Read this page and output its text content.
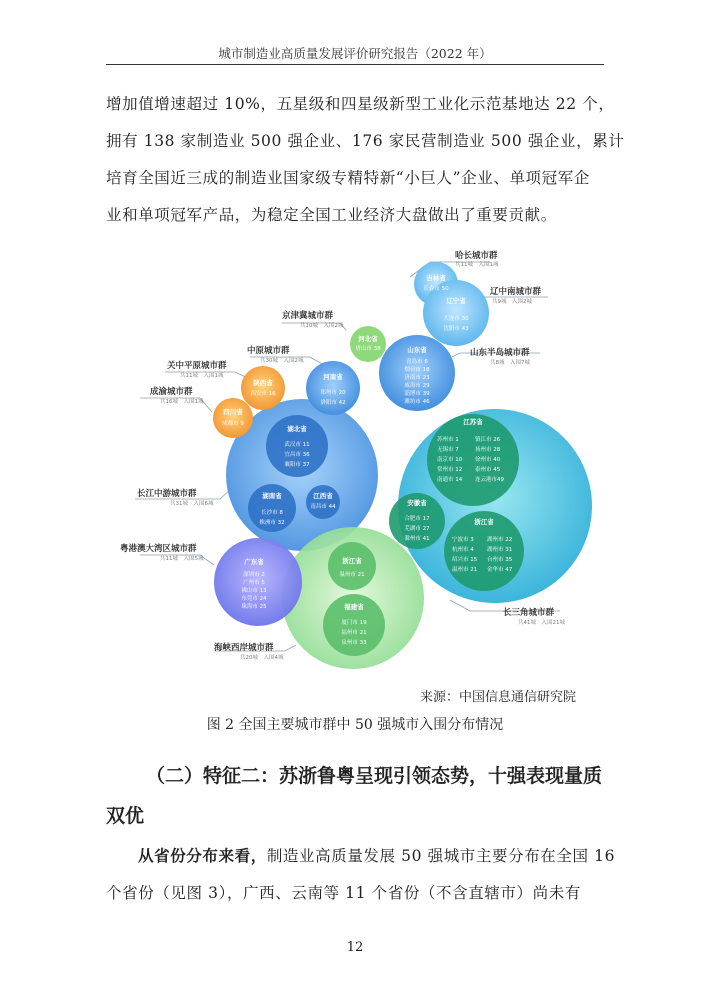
城市制造业高质量发展评价研究报告（2022 年）
增加值增速超过 10%，五星级和四星级新型工业化示范基地达 22 个，
拥有 138 家制造业 500 强企业、176 家民营制造业 500 强企业，累计
培育全国近三成的制造业国家级专精特新“小巨人”企业、单项冠军企
业和单项冠军产品，为稳定全国工业经济大盘做出了重要贡献。
哈长城市群
共11城　入围1城
辽中南城市群
共9城　入围2城
京津冀城市群
共10城　入围2城
山东半岛城市群
共8城　入围7城
关中平原城市群
共11城　入围1城
中原城市群
共30城　入围2城
成渝城市群
共16城　入围1城
长江中游城市群
共31城　入围6城
粤港澳大湾区城市群
共11城　入围5城
海峡西岸城市群
共20城　入围4城
长三角城市群
共41城　入围21城
吉林省
长春市 50
辽宁省
大连市 30
沈阳市 43
河北省
唐山市 38	山东省
青岛市 6
烟台市 18
济南市 23
威海市 29
淄博市 39
潍坊市 46
陕西省
西安市 16
河南省
郑州市 20
洛阳市 42
四川省
成都市 9
湖北省
武汉市 11
宜昌市 36
襄阳市 37
湖南省
长沙市 8
株洲市 32
江西省
南昌市 44
广东省
深圳市 2
广州市 5
佛山市 13
东莞市 24
珠海市 25
浙江省
温州市 21
福建省
厦门市 19
福州市 21
泉州市 33
江苏省
苏州市 1	镇江市 26
无锡市 7	扬州市 28
南京市 10 徐州市 40
常州市 12 泰州市 45
南通市 14 连云港市49
安徽省
合肥市 17
芜湖市 27
滁州市 41
浙江省
宁波市 3 湖州市 22
杭州市 4 湖州市 31
绍兴市 15 台州市 35
温州市 21 金华市 47
来源：中国信息通信研究院
图 2 全国主要城市群中 50 强城市入围分布情况
（二）特征二：苏浙鲁粤呈现引领态势，十强表现量质
双优
从省份分布来看，制造业高质量发展 50 强城市主要分布在全国 16
个省份（见图 3），广西、云南等 11 个省份（不含直辖市）尚未有
12
